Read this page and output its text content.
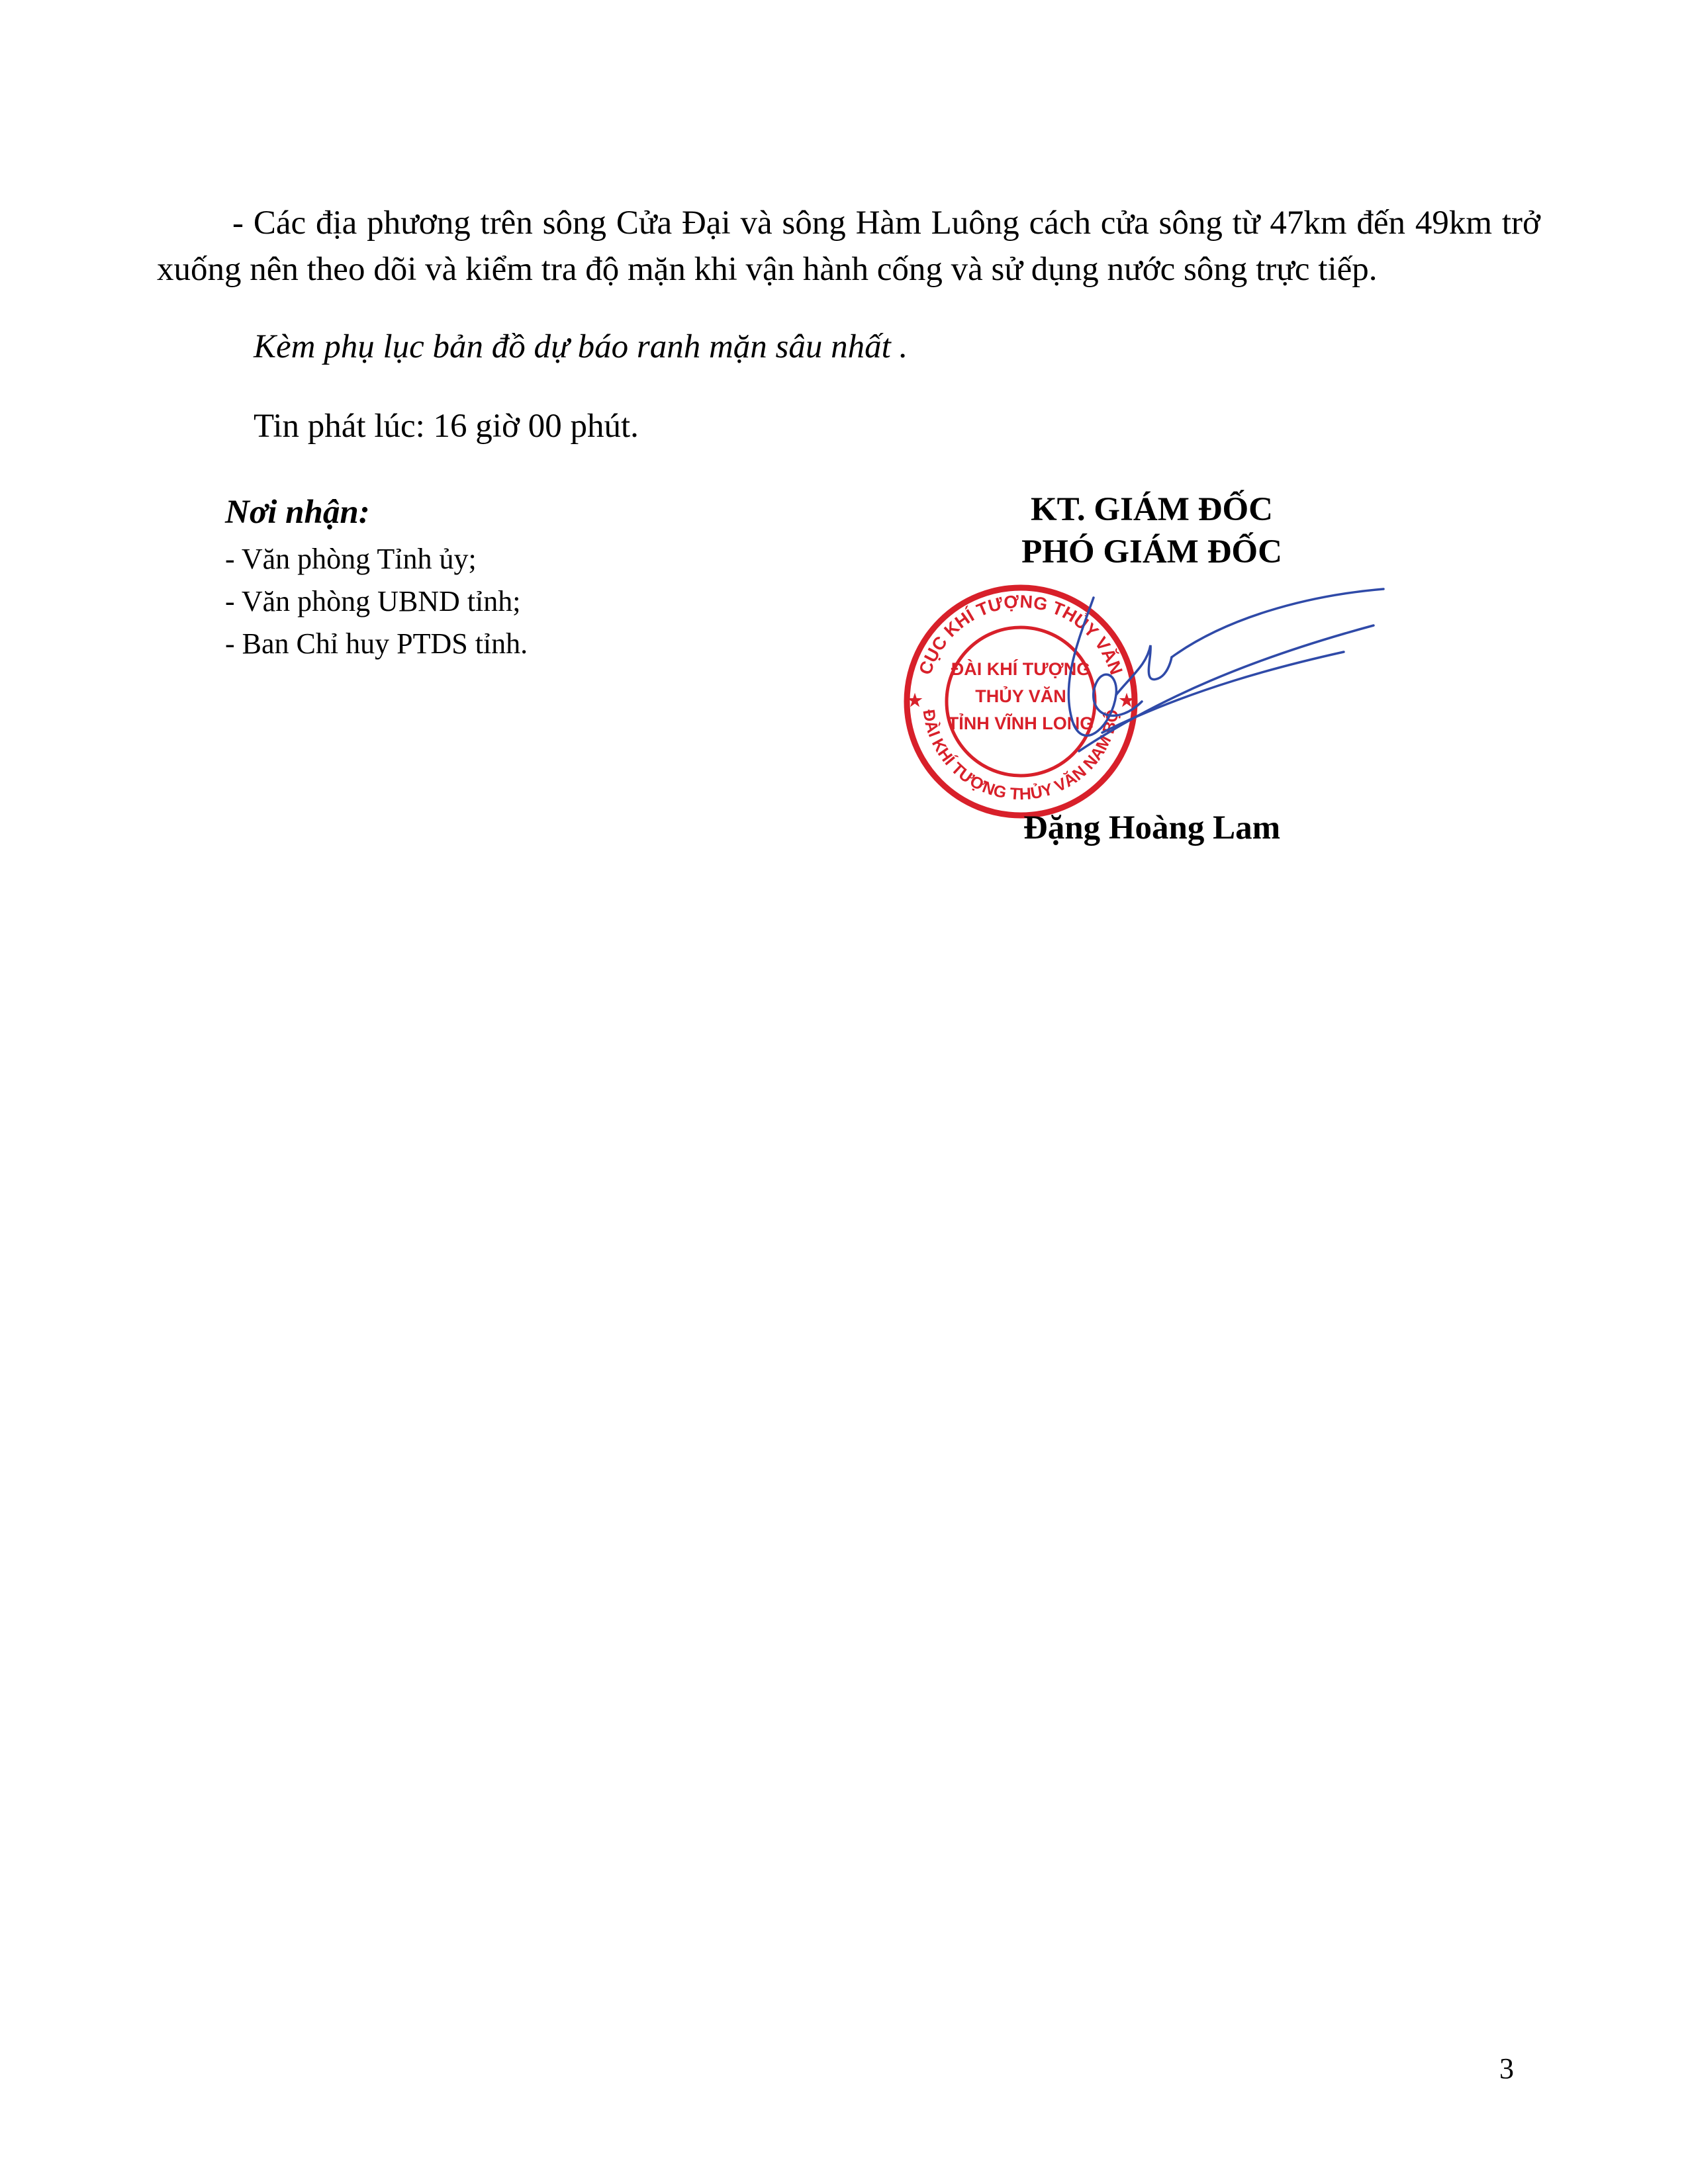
- Các địa phương trên sông Cửa Đại và sông Hàm Luông cách cửa sông từ 47km đến 49km trở xuống nên theo dõi và kiểm tra độ mặn khi vận hành cống và sử dụng nước sông trực tiếp.
Kèm phụ lục bản đồ dự báo ranh mặn sâu nhất .
Tin phát lúc: 16 giờ 00 phút.
Nơi nhận:
- Văn phòng Tỉnh ủy;
- Văn phòng UBND tỉnh;
- Ban Chỉ huy PTDS tỉnh.
KT. GIÁM ĐỐC
PHÓ GIÁM ĐỐC
CỤC KHÍ TƯỢNG THỦY VĂN
ĐÀI KHÍ TƯỢNG THỦY VĂN NAM BỘ
★	★
ĐÀI KHÍ TƯỢNG
THỦY VĂN
TỈNH VĨNH LONG
Đặng Hoàng Lam
3
